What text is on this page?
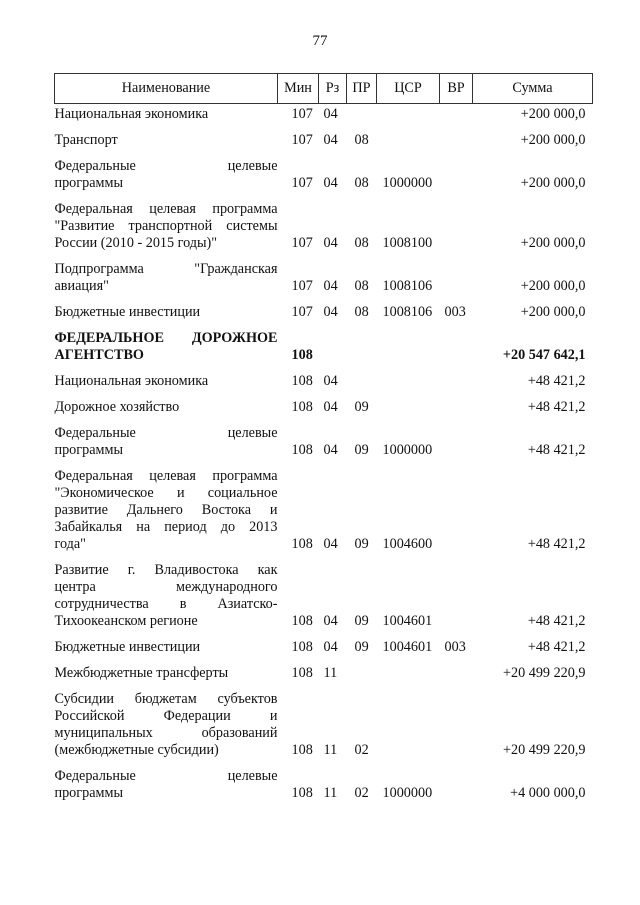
77
Наименование	Мин	Рз	ПР	ЦСР	ВР	Сумма

Национальная экономика	107	04				+200 000,0

Транспорт	107	04	08			+200 000,0

Федеральные целевые
программы	107	04	08	1000000		+200 000,0

Федеральная целевая программа
"Развитие транспортной системы
России (2010 - 2015 годы)"	107	04	08	1008100		+200 000,0

Подпрограмма "Гражданская
авиация"	107	04	08	1008106		+200 000,0

Бюджетные инвестиции	107	04	08	1008106	003	+200 000,0

ФЕДЕРАЛЬНОЕ ДОРОЖНОЕ
АГЕНТСТВО	108					+20 547 642,1

Национальная экономика	108	04				+48 421,2

Дорожное хозяйство	108	04	09			+48 421,2

Федеральные целевые
программы	108	04	09	1000000		+48 421,2

Федеральная целевая программа
"Экономическое и социальное
развитие Дальнего Востока и
Забайкалья на период до 2013
года"	108	04	09	1004600		+48 421,2

Развитие г. Владивостока как
центра международного
сотрудничества в Азиатско-
Тихоокеанском регионе	108	04	09	1004601		+48 421,2

Бюджетные инвестиции	108	04	09	1004601	003	+48 421,2

Межбюджетные трансферты	108	11				+20 499 220,9

Субсидии бюджетам субъектов
Российской Федерации и
муниципальных образований
(межбюджетные субсидии)	108	11	02			+20 499 220,9

Федеральные целевые
программы	108	11	02	1000000		+4 000 000,0
